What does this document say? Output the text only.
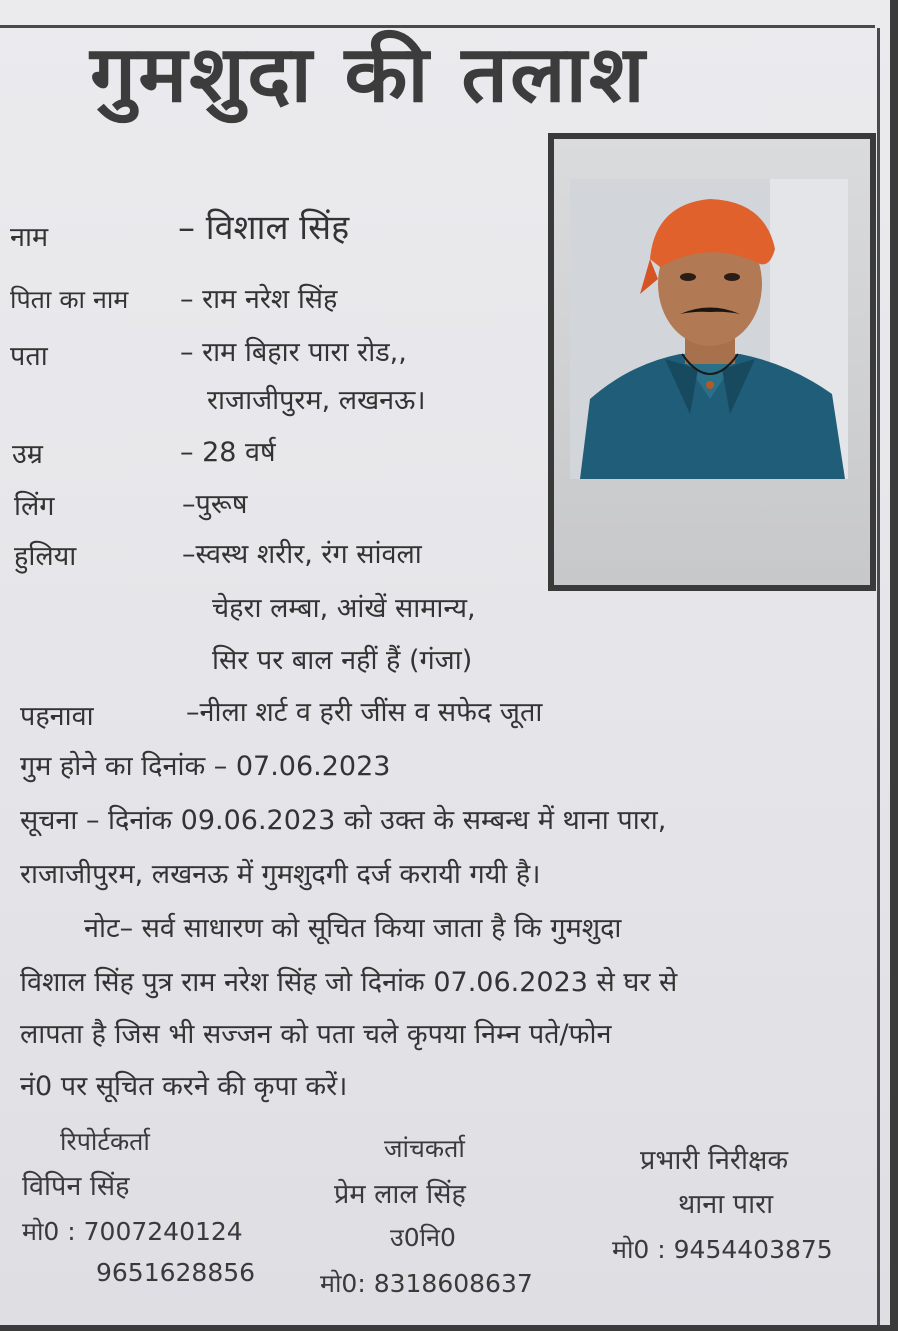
गुमशुदा की तलाश
नाम	– विशाल सिंह
पिता का नाम – राम नरेश सिंह
पता	– राम बिहार पारा रोड,,
राजाजीपुरम, लखनऊ।
उम्र	– 28 वर्ष
लिंग	–पुरूष
हुलिया	–स्वस्थ शरीर, रंग सांवला
चेहरा लम्बा, आंखें सामान्य,
सिर पर बाल नहीं हैं (गंजा)
पहनावा	–नीला शर्ट व हरी जींस व सफेद जूता
गुम होने का दिनांक – 07.06.2023
सूचना – दिनांक 09.06.2023 को उक्त के सम्बन्ध में थाना पारा,
राजाजीपुरम, लखनऊ में गुमशुदगी दर्ज करायी गयी है।
नोट– सर्व साधारण को सूचित किया जाता है कि गुमशुदा
विशाल सिंह पुत्र राम नरेश सिंह जो दिनांक 07.06.2023 से घर से
लापता है जिस भी सज्जन को पता चले कृपया निम्न पते/फोन
नं0 पर सूचित करने की कृपा करें।
रिपोर्टकर्ता
विपिन सिंह
मो0 : 7007240124
9651628856
जांचकर्ता
प्रेम लाल सिंह
उ0नि0
मो0: 8318608637
प्रभारी निरीक्षक
थाना पारा
मो0 : 9454403875
